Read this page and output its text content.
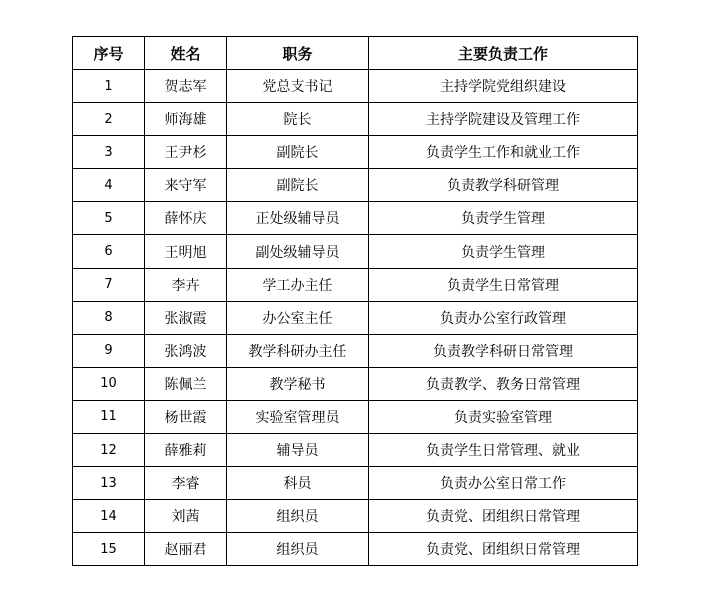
序号	姓名	职务	主要负责工作
1	贺志军	党总支书记	主持学院党组织建设
2	师海雄	院长	主持学院建设及管理工作
3	王尹杉	副院长	负责学生工作和就业工作
4	来守军	副院长	负责教学科研管理
5	薛怀庆	正处级辅导员	负责学生管理
6	王明旭	副处级辅导员	负责学生管理
7	李卉	学工办主任	负责学生日常管理
8	张淑霞	办公室主任	负责办公室行政管理
9	张鸿波	教学科研办主任	负责教学科研日常管理
10	陈佩兰	教学秘书	负责教学、教务日常管理
11	杨世霞	实验室管理员	负责实验室管理
12	薛雅莉	辅导员	负责学生日常管理、就业
13	李睿	科员	负责办公室日常工作
14	刘茜	组织员	负责党、团组织日常管理
15	赵丽君	组织员	负责党、团组织日常管理
